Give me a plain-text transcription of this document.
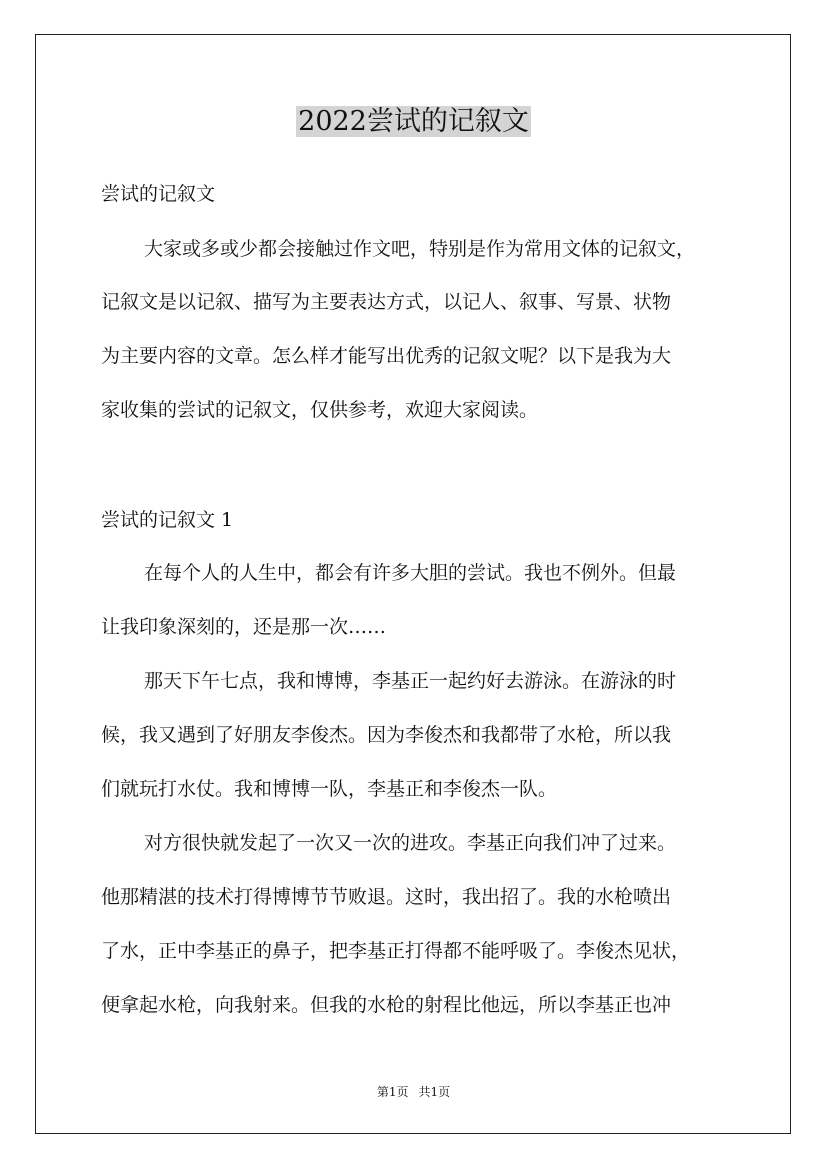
2022尝试的记叙文

尝试的记叙文

大家或多或少都会接触过作文吧，特别是作为常用文体的记叙文，

记叙文是以记叙、描写为主要表达方式，以记人、叙事、写景、状物

为主要内容的文章。怎么样才能写出优秀的记叙文呢？以下是我为大

家收集的尝试的记叙文，仅供参考，欢迎大家阅读。

尝试的记叙文 1

在每个人的人生中，都会有许多大胆的尝试。我也不例外。但最

让我印象深刻的，还是那一次……

那天下午七点，我和博博，李基正一起约好去游泳。在游泳的时

候，我又遇到了好朋友李俊杰。因为李俊杰和我都带了水枪，所以我

们就玩打水仗。我和博博一队，李基正和李俊杰一队。

对方很快就发起了一次又一次的进攻。李基正向我们冲了过来。

他那精湛的技术打得博博节节败退。这时，我出招了。我的水枪喷出

了水，正中李基正的鼻子，把李基正打得都不能呼吸了。李俊杰见状，

便拿起水枪，向我射来。但我的水枪的射程比他远，所以李基正也冲

第1页 共1页
